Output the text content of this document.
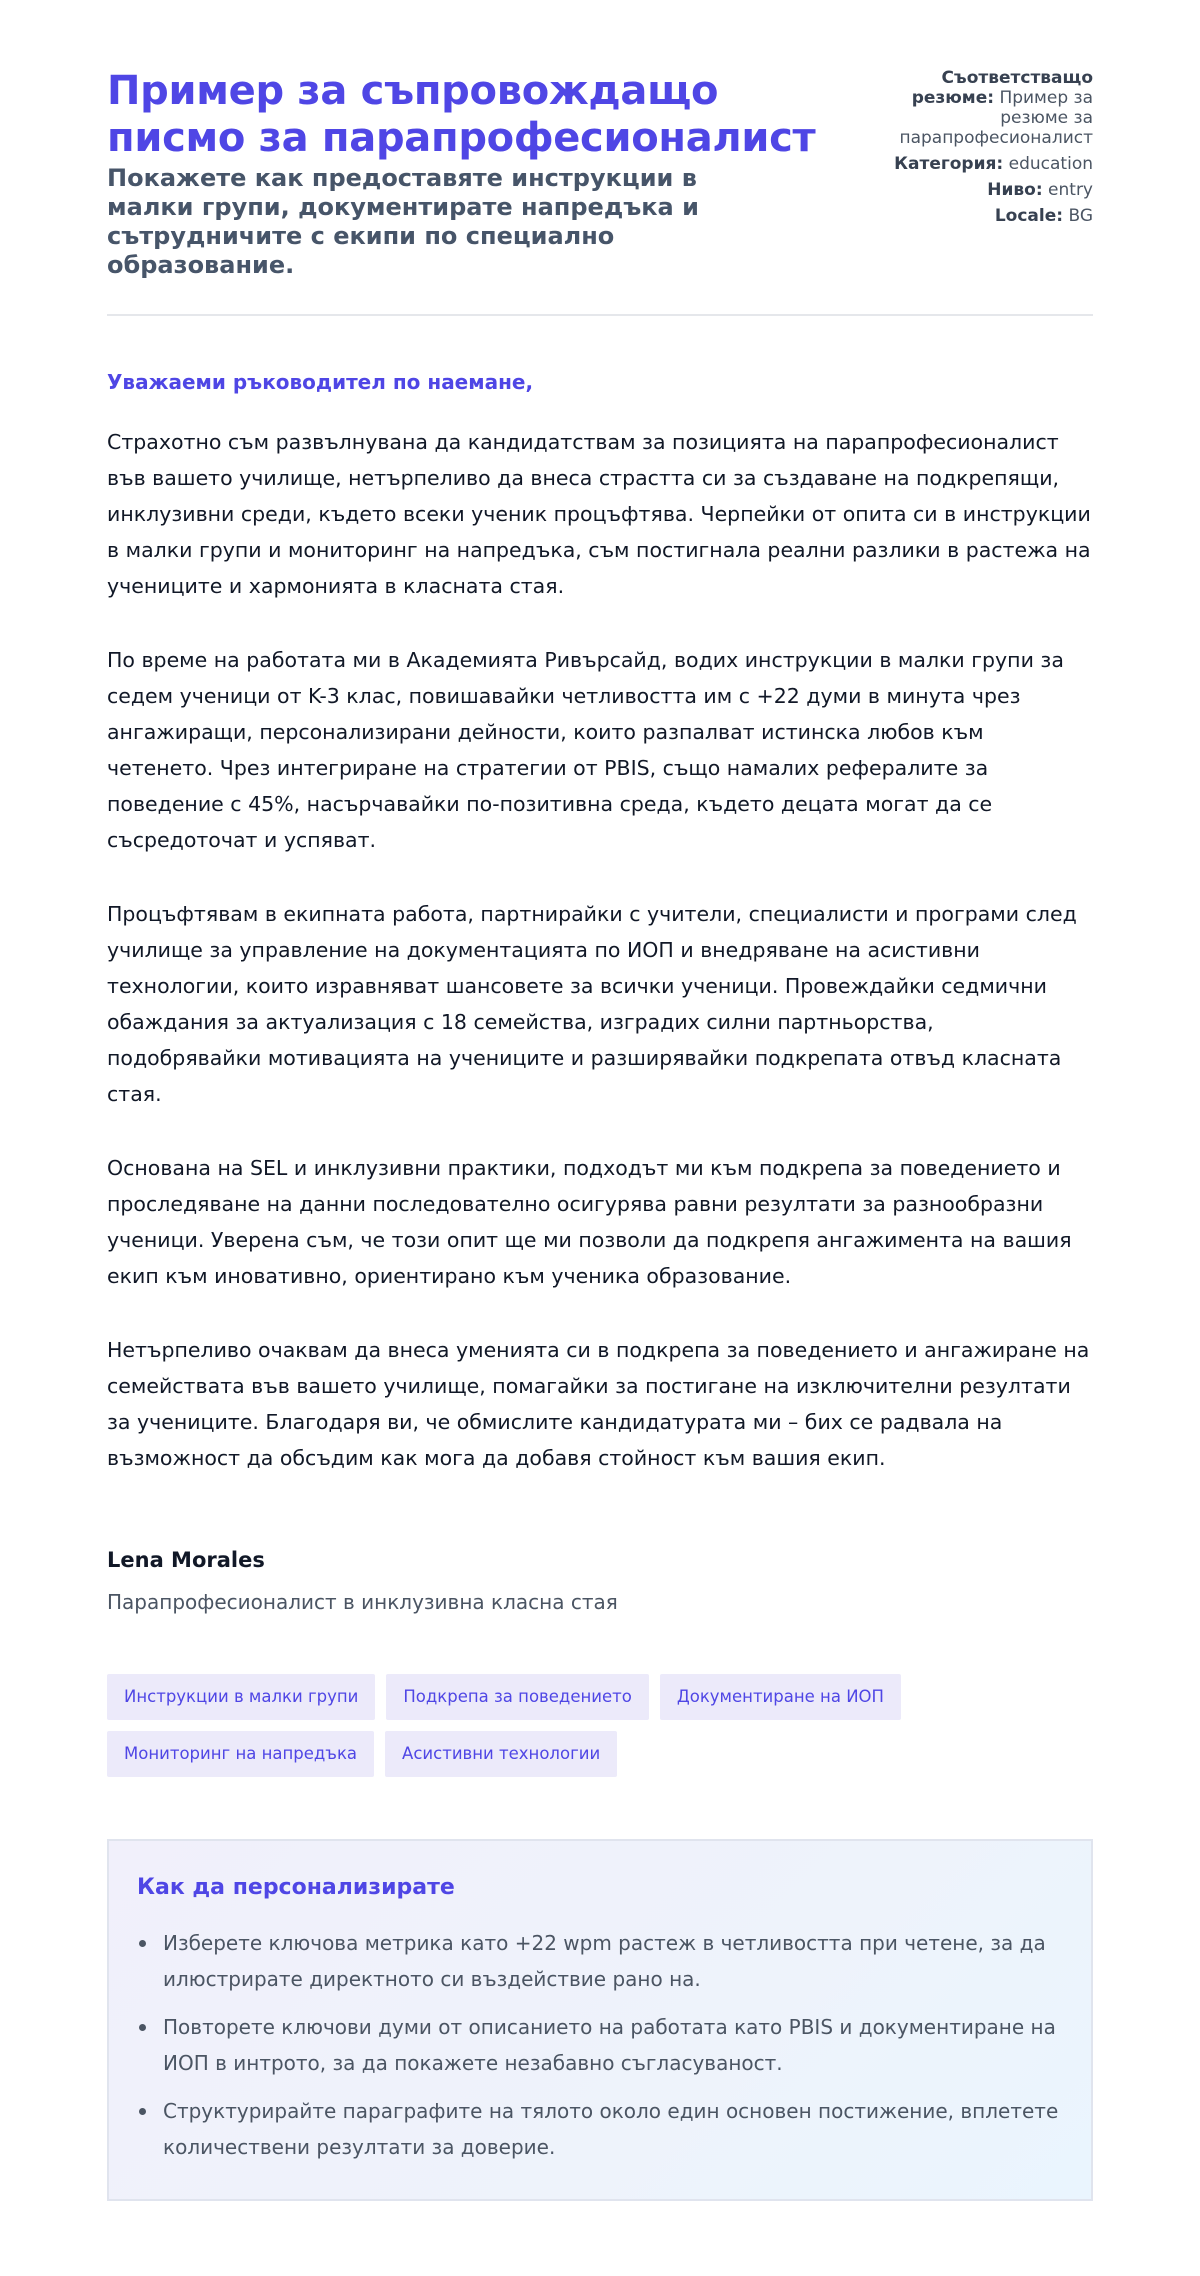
Пример за съпровождащо писмо за парапрофесионалист
Покажете как предоставяте инструкции в малки групи, документирате напредъка и сътрудничите с екипи по специално образование.
Съответстващо резюме: Пример за резюме за парапрофесионалист
Категория: education
Ниво: entry
Locale: BG

Уважаеми ръководител по наемане,

Страхотно съм развълнувана да кандидатствам за позицията на парапрофесионалист във вашето училище, нетърпеливо да внеса страстта си за създаване на подкрепящи, инклузивни среди, където всеки ученик процъфтява. Черпейки от опита си в инструкции в малки групи и мониторинг на напредъка, съм постигнала реални разлики в растежа на учениците и хармонията в класната стая.

По време на работата ми в Академията Ривърсайд, водих инструкции в малки групи за седем ученици от K-3 клас, повишавайки четливостта им с +22 думи в минута чрез ангажиращи, персонализирани дейности, които разпалват истинска любов към четенето. Чрез интегриране на стратегии от PBIS, също намалих рефералите за поведение с 45%, насърчавайки по-позитивна среда, където децата могат да се съсредоточат и успяват.

Процъфтявам в екипната работа, партнирайки с учители, специалисти и програми след училище за управление на документацията по ИОП и внедряване на асистивни технологии, които изравняват шансовете за всички ученици. Провеждайки седмични обаждания за актуализация с 18 семейства, изградих силни партньорства, подобрявайки мотивацията на учениците и разширявайки подкрепата отвъд класната стая.

Основана на SEL и инклузивни практики, подходът ми към подкрепа за поведението и проследяване на данни последователно осигурява равни резултати за разнообразни ученици. Уверена съм, че този опит ще ми позволи да подкрепя ангажимента на вашия екип към иновативно, ориентирано към ученика образование.

Нетърпеливо очаквам да внеса уменията си в подкрепа за поведението и ангажиране на семействата във вашето училище, помагайки за постигане на изключителни резултати за учениците. Благодаря ви, че обмислите кандидатурата ми – бих се радвала на възможност да обсъдим как мога да добавя стойност към вашия екип.

Lena Morales
Парапрофесионалист в инклузивна класна стая
Инструкции в малки групи	Подкрепа за поведението	Документиране на ИОП
Мониторинг на напредъка	Асистивни технологии
Как да персонализирате
Изберете ключова метрика като +22 wpm растеж в четливостта при четене, за да илюстрирате директното си въздействие рано на.
Повторете ключови думи от описанието на работата като PBIS и документиране на ИОП в интрото, за да покажете незабавно съгласуваност.
Структурирайте параграфите на тялото около един основен постижение, вплетете количествени резултати за доверие.
